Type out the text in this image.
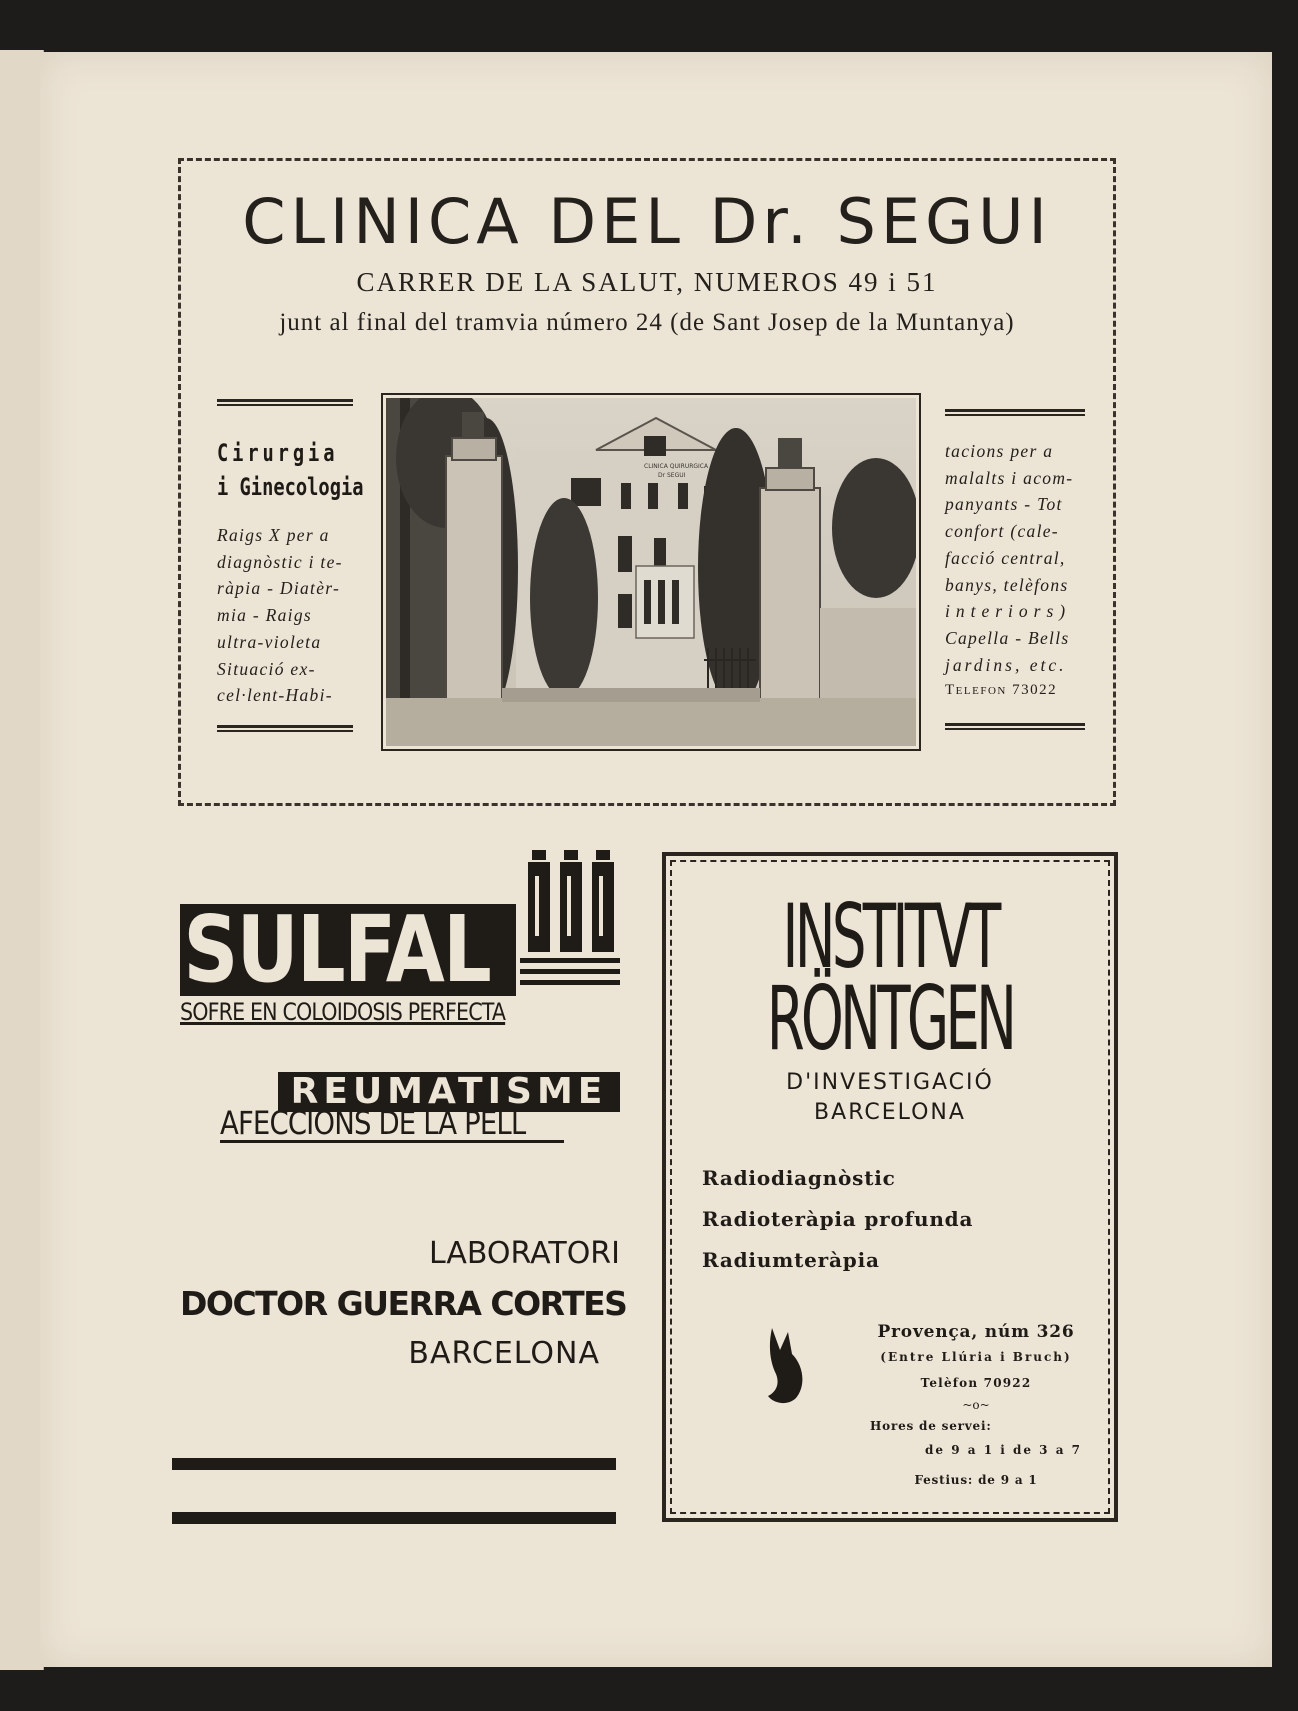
CLINICA DEL Dr. SEGUI
CARRER DE LA SALUT, NUMEROS 49 i 51
junt al final del tramvia número 24 (de Sant Josep de la Muntanya)
Cirurgia
i Ginecologia
Raigs X per a
diagnòstic i te-
ràpia - Diatèr-
mia - Raigs
ultra-violeta
Situació ex-
cel·lent-Habi-
CLINICA QUIRURGICA
Dr SEGUI
tacions per a
malalts i acom-
panyants - Tot
confort (cale-
facció central,
banys, telèfons
interiors)
Capella - Bells
jardins, etc.
Telefon 73022
SULFAL
SOFRE EN COLOIDOSIS PERFECTA
REUMATISME
AFECCIONS DE LA PELL
LABORATORI
DOCTOR GUERRA CORTES
BARCELONA
INSTITVT
RÖNTGEN
D'INVESTIGACIÓ
BARCELONA
Radiodiagnòstic
Radioteràpia profunda
Radiumteràpia
Provença, núm 326
(Entre Llúria i Bruch)
Telèfon 70922
~o~
Hores de servei:
de 9 a 1 i de 3 a 7
Festius: de 9 a 1
